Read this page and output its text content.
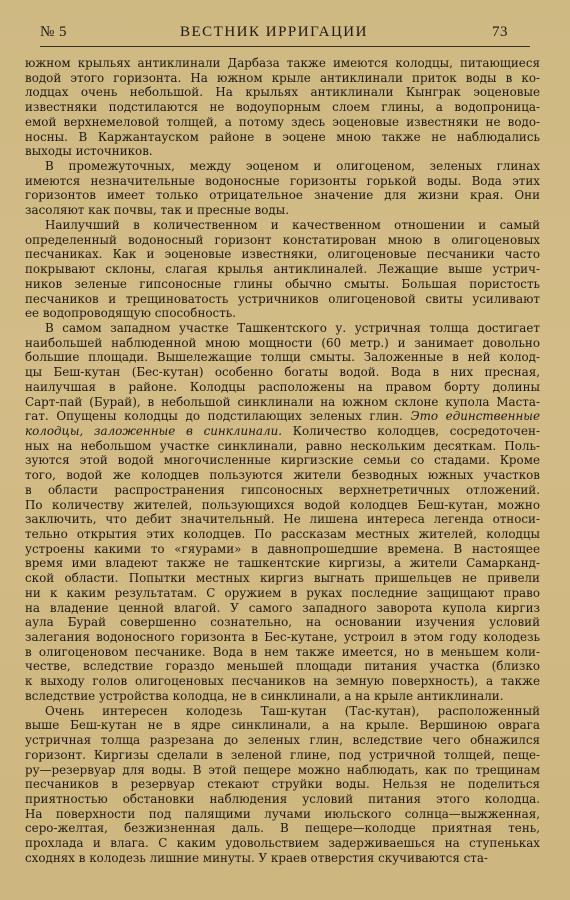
№ 5	ВЕСТНИК ИРРИГАЦИИ	73
южном крыльях антиклинали Дарбаза также имеются колодцы, питающиеся
водой этого горизонта. На южном крыле антиклинали приток воды в ко-
лодцах очень небольшой. На крыльях антиклинали Кынграк эоценовые
известняки подстилаются не водоупорным слоем глины, а водопроница-
емой верхнемеловой толщей, а потому здесь эоценовые известняки не водо-
носны. В Каржантауском районе в эоцене мною также не наблюдались
выходы источников.
В промежуточных, между эоценом и олигоценом, зеленых глинах
имеются незначительные водоносные горизонты горькой воды. Вода этих
горизонтов имеет только отрицательное значение для жизни края. Они
засоляют как почвы, так и пресные воды.
Наилучший в количественном и качественном отношении и самый
определенный водоносный горизонт констатирован мною в олигоценовых
песчаниках. Как и эоценовые известняки, олигоценовые песчаники часто
покрывают склоны, слагая крылья антиклиналей. Лежащие выше устрич-
ников зеленые гипсоносные глины обычно смыты. Большая пористость
песчаников и трещиноватость устричников олигоценовой свиты усиливают
ее водопроводящую способность.
В самом западном участке Ташкентского у. устричная толща достигает
наибольшей наблюденной мною мощности (60 метр.) и занимает довольно
большие площади. Вышележащие толщи смыты. Заложенные в ней колод-
цы Беш-кутан (Бес-кутан) особенно богаты водой. Вода в них пресная,
наилучшая в районе. Колодцы расположены на правом борту долины
Сарт-пай (Бурай), в небольшой синклинали на южном склоне купола Маста-
гат. Опущены колодцы до подстилающих зеленых глин. Это единственные
колодцы, заложенные в синклинали. Количество колодцев, сосредоточен-
ных на небольшом участке синклинали, равно нескольким десяткам. Поль-
зуются этой водой многочисленные киргизские семьи со стадами. Кроме
того, водой же колодцев пользуются жители безводных южных участков
в области распространения гипсоносных верхнетретичных отложений.
По количеству жителей, пользующихся водой колодцев Беш-кутан, можно
заключить, что дебит значительный. Не лишена интереса легенда относи-
тельно открытия этих колодцев. По рассказам местных жителей, колодцы
устроены какими то «гяурами» в давнопрошедшие времена. В настоящее
время ими владеют также не ташкентские киргизы, а жители Самарканд-
ской области. Попытки местных киргиз выгнать пришельцев не привели
ни к каким результатам. С оружием в руках последние защищают право
на владение ценной влагой. У самого западного заворота купола киргиз
аула Бурай совершенно сознательно, на основании изучения условий
залегания водоносного горизонта в Бес-кутане, устроил в этом году колодезь
в олигоценовом песчанике. Вода в нем также имеется, но в меньшем коли-
честве, вследствие гораздо меньшей площади питания участка (близко
к выходу голов олигоценовых песчаников на земную поверхность), а также
вследствие устройства колодца, не в синклинали, а на крыле антиклинали.
Очень интересен колодезь Таш-кутан (Тас-кутан), расположенный
выше Беш-кутан не в ядре синклинали, а на крыле. Вершиною оврага
устричная толща разрезана до зеленых глин, вследствие чего обнажился
горизонт. Киргизы сделали в зеленой глине, под устричной толщей, пеще-
ру—резервуар для воды. В этой пещере можно наблюдать, как по трещинам
песчаников в резервуар стекают струйки воды. Нельзя не поделиться
приятностью обстановки наблюдения условий питания этого колодца.
На поверхности под палящими лучами июльского солнца—выжженная,
серо-желтая, безжизненная даль. В пещере—колодце приятная тень,
прохлада и влага. С каким удовольствием задерживаешься на ступеньках
сходнях в колодезь лишние минуты. У краев отверстия скучиваются ста-
